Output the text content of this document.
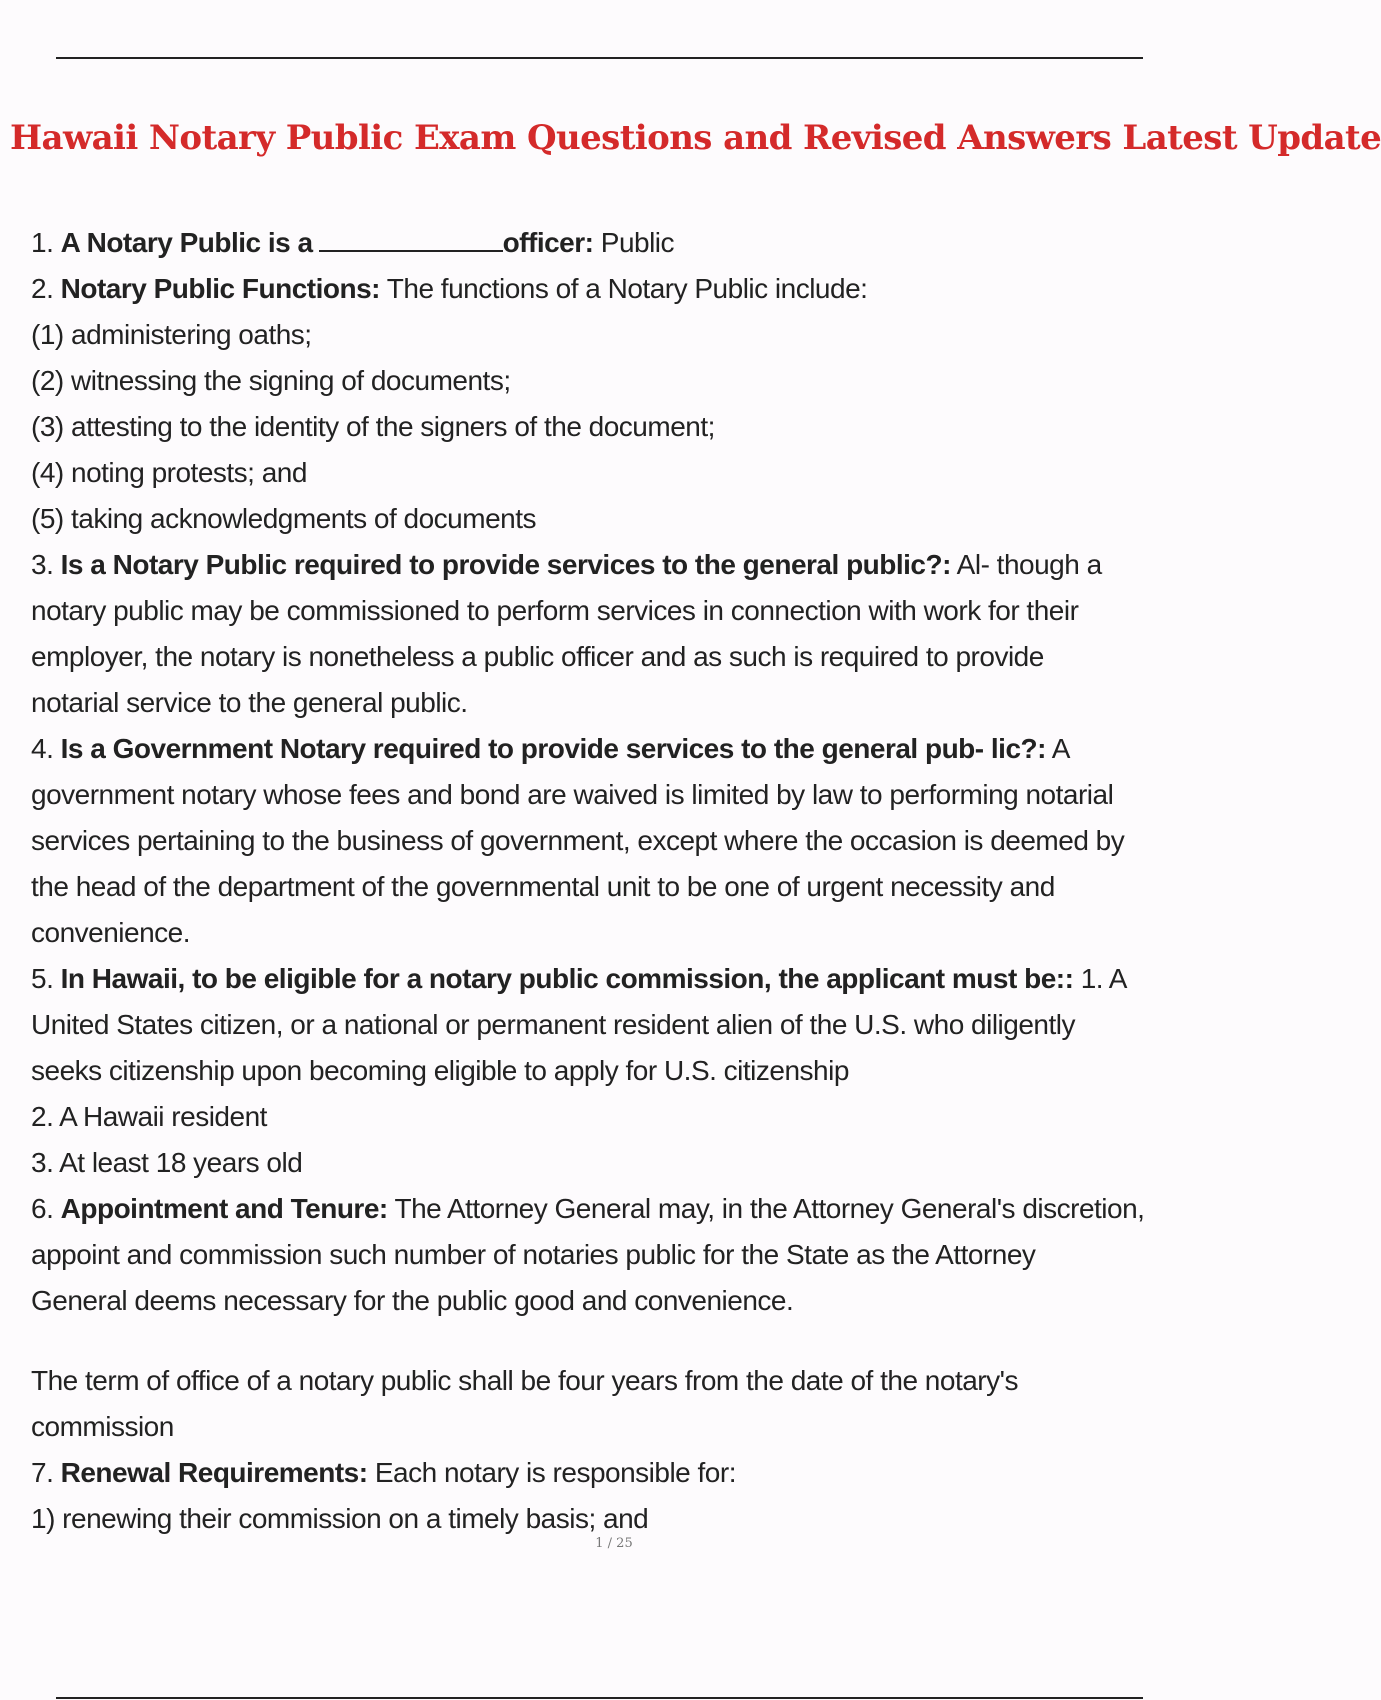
Hawaii Notary Public Exam Questions and Revised Answers Latest Update
1. A Notary Public is a	officer: Public
2. Notary Public Functions: The functions of a Notary Public include:
(1) administering oaths;
(2) witnessing the signing of documents;
(3) attesting to the identity of the signers of the document;
(4) noting protests; and
(5) taking acknowledgments of documents
3. Is a Notary Public required to provide services to the general public?: Al- though a
notary public may be commissioned to perform services in connection with work for their
employer, the notary is nonetheless a public officer and as such is required to provide
notarial service to the general public.
4. Is a Government Notary required to provide services to the general pub- lic?: A
government notary whose fees and bond are waived is limited by law to performing notarial
services pertaining to the business of government, except where the occasion is deemed by
the head of the department of the governmental unit to be one of urgent necessity and
convenience.
5. In Hawaii, to be eligible for a notary public commission, the applicant must be:: 1. A
United States citizen, or a national or permanent resident alien of the U.S. who diligently
seeks citizenship upon becoming eligible to apply for U.S. citizenship
2. A Hawaii resident
3. At least 18 years old
6. Appointment and Tenure: The Attorney General may, in the Attorney General's discretion,
appoint and commission such number of notaries public for the State as the Attorney
General deems necessary for the public good and convenience.
The term of office of a notary public shall be four years from the date of the notary's
commission
7. Renewal Requirements: Each notary is responsible for:
1) renewing their commission on a timely basis; and
1 / 25
